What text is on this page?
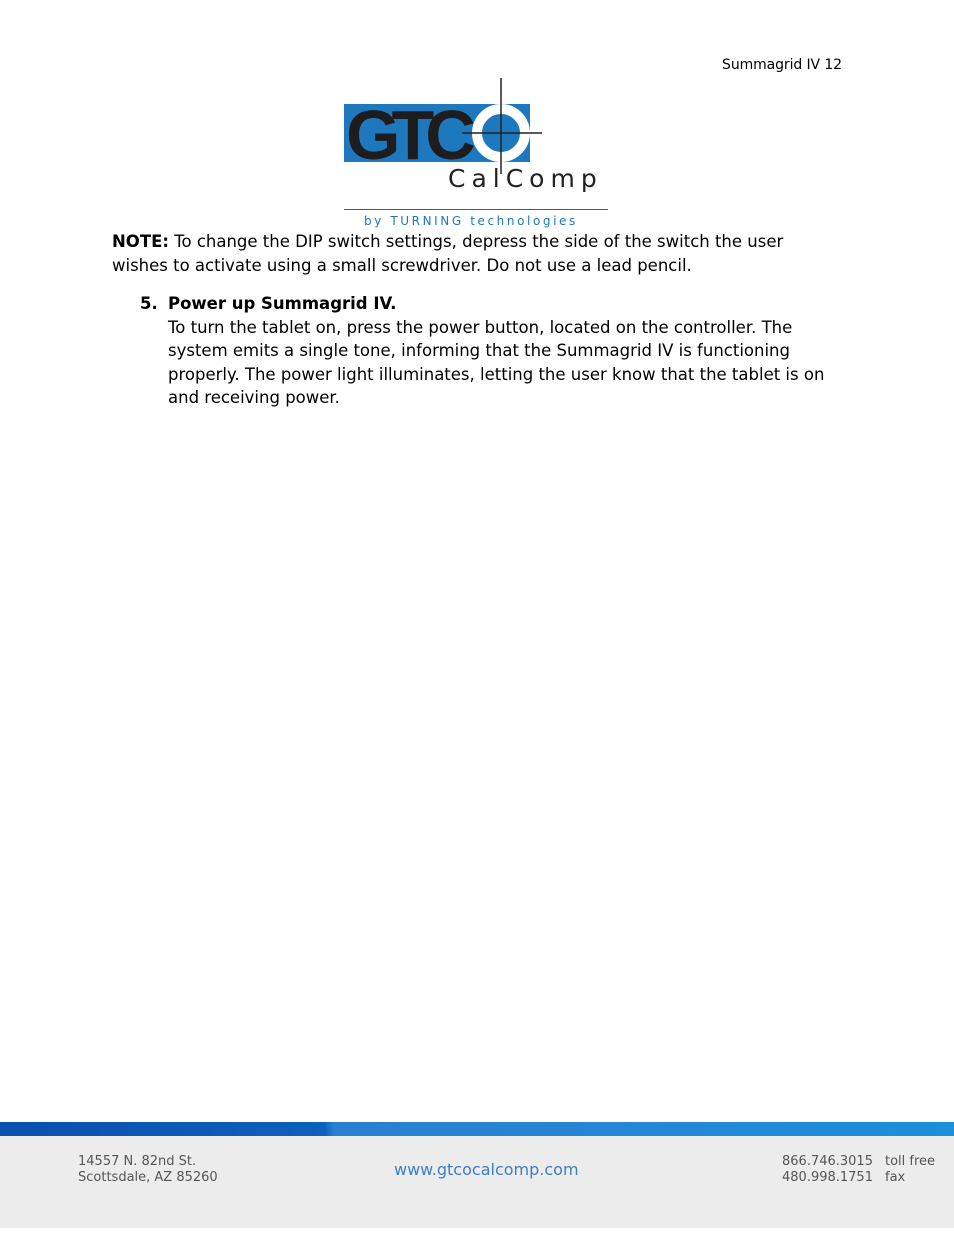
Summagrid IV 12
GTC
CalComp
by TURNING technologies

NOTE: To change the DIP switch settings, depress the side of the switch the user wishes to activate using a small screwdriver. Do not use a lead pencil.

5. Power up Summagrid IV.

To turn the tablet on, press the power button, located on the controller. The system emits a single tone, informing that the Summagrid IV is functioning properly. The power light illuminates, letting the user know that the tablet is on and receiving power.

14557 N. 82nd St.
Scottsdale, AZ 85260	www.gtcocalcomp.com	866.746.3015
480.998.1751
toll free
fax
